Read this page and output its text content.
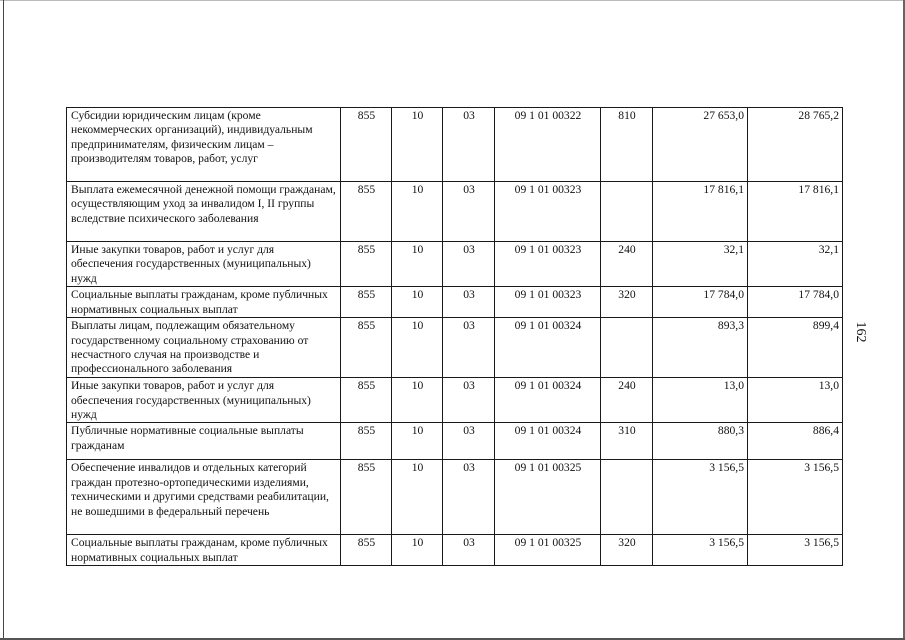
Субсидии юридическим лицам (кроме некоммерческих организаций), индивидуальным предпринимателям, физическим лицам – производителям товаров, работ, услуг	855	10	03	09 1 01 00322	810	27 653,0	28 765,2
Выплата ежемесячной денежной помощи гражданам, осуществляющим уход за инвалидом I, II группы вследствие психического заболевания	855	10	03	09 1 01 00323		17 816,1	17 816,1
Иные закупки товаров, работ и услуг для обеспечения государственных (муниципальных) нужд	855	10	03	09 1 01 00323	240	32,1	32,1
Социальные выплаты гражданам, кроме публичных нормативных социальных выплат	855	10	03	09 1 01 00323	320	17 784,0	17 784,0
Выплаты лицам, подлежащим обязательному государственному социальному страхованию от несчастного случая на производстве и профессионального заболевания	855	10	03	09 1 01 00324		893,3	899,4
Иные закупки товаров, работ и услуг для обеспечения государственных (муниципальных) нужд	855	10	03	09 1 01 00324	240	13,0	13,0
Публичные нормативные социальные выплаты гражданам	855	10	03	09 1 01 00324	310	880,3	886,4
Обеспечение инвалидов и отдельных категорий граждан протезно-ортопедическими изделиями, техническими и другими средствами реабилитации, не вошедшими в федеральный перечень	855	10	03	09 1 01 00325		3 156,5	3 156,5
Социальные выплаты гражданам, кроме публичных нормативных социальных выплат	855	10	03	09 1 01 00325	320	3 156,5	3 156,5
162
